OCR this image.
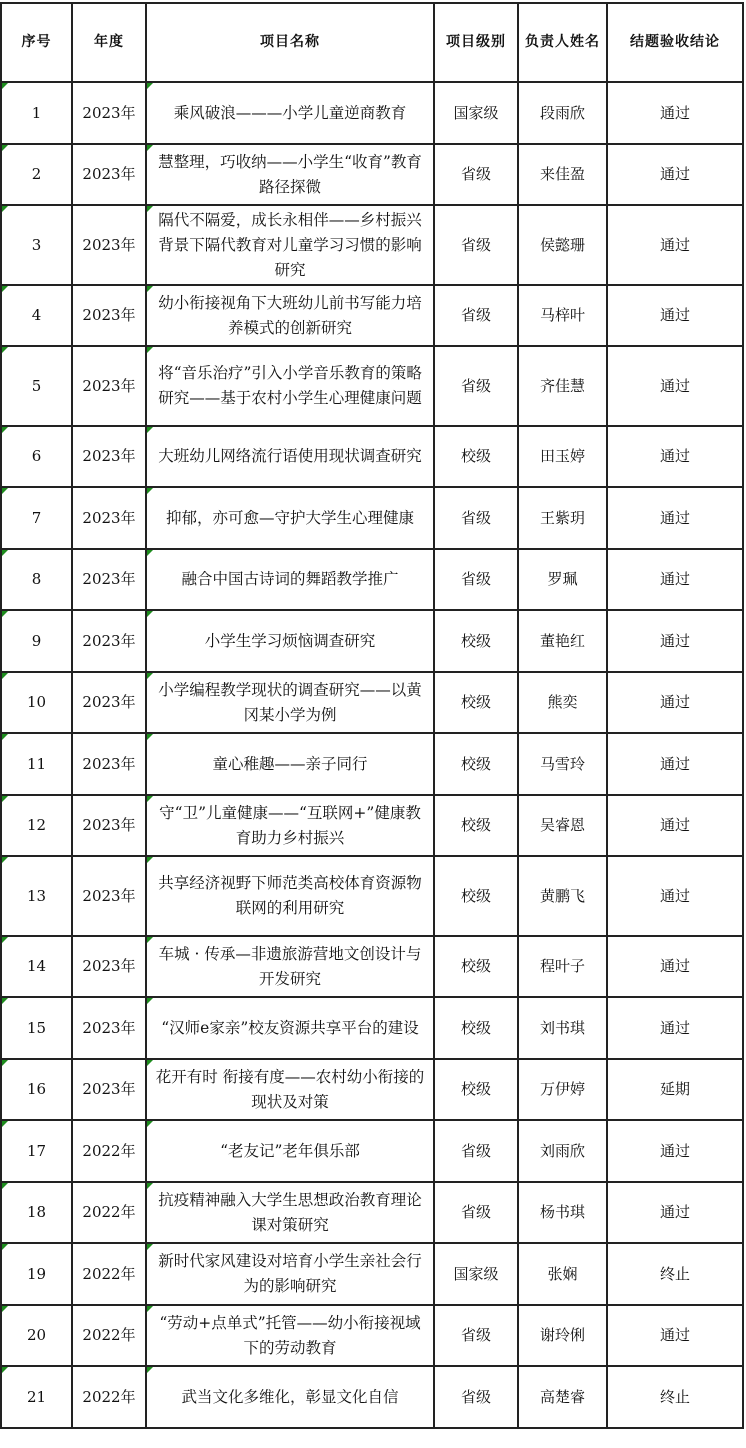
序号	年度	项目名称	项目级别	负责人姓名	结题验收结论

1	2023年	乘风破浪———小学儿童逆商教育	国家级	段雨欣	通过

2	2023年	慧整理，巧收纳——小学生“收育”教育路径探微	省级	来佳盈	通过

3	2023年	隔代不隔爱，成长永相伴——乡村振兴背景下隔代教育对儿童学习习惯的影响研究	省级	侯懿珊	通过

4	2023年	幼小衔接视角下大班幼儿前书写能力培养模式的创新研究	省级	马梓叶	通过

5	2023年	将“音乐治疗”引入小学音乐教育的策略研究——基于农村小学生心理健康问题	省级	齐佳慧	通过

6	2023年	大班幼儿网络流行语使用现状调查研究	校级	田玉婷	通过

7	2023年	抑郁，亦可愈—守护大学生心理健康	省级	王紫玥	通过

8	2023年	融合中国古诗词的舞蹈教学推广	省级	罗珮	通过

9	2023年	小学生学习烦恼调查研究	校级	董艳红	通过

10	2023年	小学编程教学现状的调查研究——以黄冈某小学为例	校级	熊奕	通过

11	2023年	童心稚趣——亲子同行	校级	马雪玲	通过

12	2023年	守“卫”儿童健康——“互联网+”健康教育助力乡村振兴	校级	吴睿恩	通过

13	2023年	共享经济视野下师范类高校体育资源物联网的利用研究	校级	黄鹏飞	通过

14	2023年	车城 · 传承—非遗旅游营地文创设计与开发研究	校级	程叶子	通过

15	2023年	“汉师e家亲”校友资源共享平台的建设	校级	刘书琪	通过

16	2023年	花开有时 衔接有度——农村幼小衔接的现状及对策	校级	万伊婷	延期

17	2022年	“老友记”老年俱乐部	省级	刘雨欣	通过

18	2022年	抗疫精神融入大学生思想政治教育理论课对策研究	省级	杨书琪	通过

19	2022年	新时代家风建设对培育小学生亲社会行为的影响研究	国家级	张娴	终止

20	2022年	“劳动+点单式”托管——幼小衔接视域下的劳动教育	省级	谢玲俐	通过

21	2022年	武当文化多维化，彰显文化自信	省级	高楚睿	终止
